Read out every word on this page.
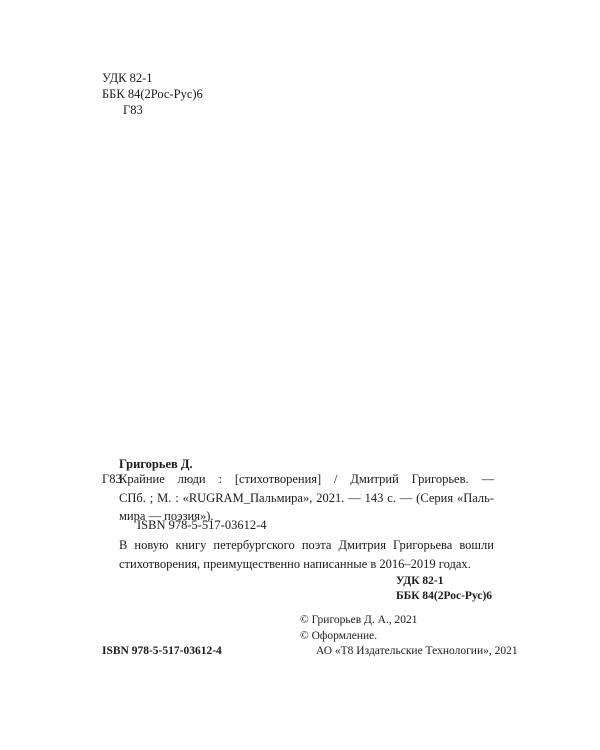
УДК 82-1
ББК 84(2Рос-Рус)6
Г83
Григорьев Д.
Г83
Крайние люди : [стихотворения] / Дмитрий Григорьев. —
СПб. ; М. : «RUGRAM_Пальмира», 2021. — 143 с. — (Серия «Паль-
мира — поэзия»).
ISBN 978-5-517-03612-4
В новую книгу петербургского поэта Дмитрия Григорьева вошли
стихотворения, преимущественно написанные в 2016–2019 годах.
УДК 82-1
ББК 84(2Рос-Рус)6
ISBN 978-5-517-03612-4
© Григорьев Д. А., 2021
© Оформление.
АО «Т8 Издательские Технологии», 2021
